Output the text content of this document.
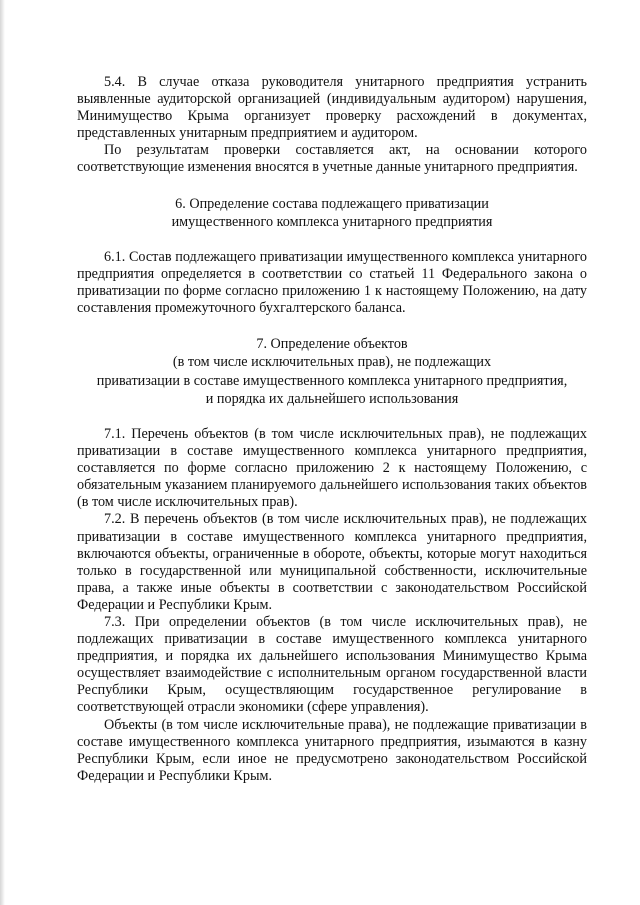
5.4. В случае отказа руководителя унитарного предприятия устранить выявленные аудиторской организацией (индивидуальным аудитором) нарушения, Минимущество Крыма организует проверку расхождений в документах, представленных унитарным предприятием и аудитором.

По результатам проверки составляется акт, на основании которого соответствующие изменения вносятся в учетные данные унитарного предприятия.

6. Определение состава подлежащего приватизации
имущественного комплекса унитарного предприятия

6.1. Состав подлежащего приватизации имущественного комплекса унитарного предприятия определяется в соответствии со статьей 11 Федерального закона о приватизации по форме согласно приложению 1 к настоящему Положению, на дату составления промежуточного бухгалтерского баланса.

7. Определение объектов
(в том числе исключительных прав), не подлежащих
приватизации в составе имущественного комплекса унитарного предприятия,
и порядка их дальнейшего использования

7.1. Перечень объектов (в том числе исключительных прав), не подлежащих приватизации в составе имущественного комплекса унитарного предприятия, составляется по форме согласно приложению 2 к настоящему Положению, с обязательным указанием планируемого дальнейшего использования таких объектов (в том числе исключительных прав).

7.2. В перечень объектов (в том числе исключительных прав), не подлежащих приватизации в составе имущественного комплекса унитарного предприятия, включаются объекты, ограниченные в обороте, объекты, которые могут находиться только в государственной или муниципальной собственности, исключительные права, а также иные объекты в соответствии с законодательством Российской Федерации и Республики Крым.

7.3. При определении объектов (в том числе исключительных прав), не подлежащих приватизации в составе имущественного комплекса унитарного предприятия, и порядка их дальнейшего использования Минимущество Крыма осуществляет взаимодействие с исполнительным органом государственной власти Республики Крым, осуществляющим государственное регулирование в соответствующей отрасли экономики (сфере управления).

Объекты (в том числе исключительные права), не подлежащие приватизации в составе имущественного комплекса унитарного предприятия, изымаются в казну Республики Крым, если иное не предусмотрено законодательством Российской Федерации и Республики Крым.
